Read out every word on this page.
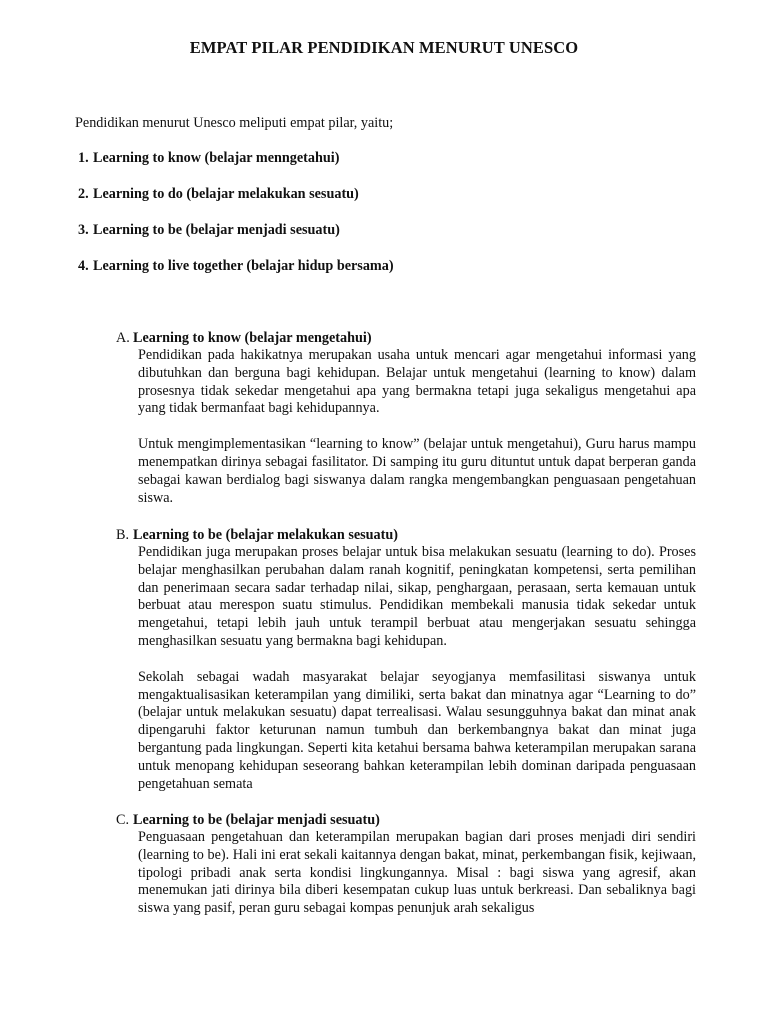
EMPAT PILAR PENDIDIKAN MENURUT UNESCO
Pendidikan menurut Unesco meliputi empat pilar, yaitu;
1. Learning to know (belajar menngetahui)
2. Learning to do (belajar melakukan sesuatu)
3. Learning to be (belajar menjadi sesuatu)
4. Learning to live together (belajar hidup bersama)
A. Learning to know (belajar mengetahui)

Pendidikan pada hakikatnya merupakan usaha untuk mencari agar mengetahui informasi yang dibutuhkan dan berguna bagi kehidupan. Belajar untuk mengetahui (learning to know) dalam prosesnya tidak sekedar mengetahui apa yang bermakna tetapi juga sekaligus mengetahui apa yang tidak bermanfaat bagi kehidupannya.

Untuk mengimplementasikan “learning to know” (belajar untuk mengetahui), Guru harus mampu menempatkan dirinya sebagai fasilitator. Di samping itu guru dituntut untuk dapat berperan ganda sebagai kawan berdialog bagi siswanya dalam rangka mengembangkan penguasaan pengetahuan siswa.

B. Learning to be (belajar melakukan sesuatu)

Pendidikan juga merupakan proses belajar untuk bisa melakukan sesuatu (learning to do). Proses belajar menghasilkan perubahan dalam ranah kognitif, peningkatan kompetensi, serta pemilihan dan penerimaan secara sadar terhadap nilai, sikap, penghargaan, perasaan, serta kemauan untuk berbuat atau merespon suatu stimulus. Pendidikan membekali manusia tidak sekedar untuk mengetahui, tetapi lebih jauh untuk terampil berbuat atau mengerjakan sesuatu sehingga menghasilkan sesuatu yang bermakna bagi kehidupan.

Sekolah sebagai wadah masyarakat belajar seyogjanya memfasilitasi siswanya untuk mengaktualisasikan keterampilan yang dimiliki, serta bakat dan minatnya agar “Learning to do” (belajar untuk melakukan sesuatu) dapat terrealisasi. Walau sesungguhnya bakat dan minat anak dipengaruhi faktor keturunan namun tumbuh dan berkembangnya bakat dan minat juga bergantung pada lingkungan. Seperti kita ketahui bersama bahwa keterampilan merupakan sarana untuk menopang kehidupan seseorang bahkan keterampilan lebih dominan daripada penguasaan pengetahuan semata

C. Learning to be (belajar menjadi sesuatu)

Penguasaan pengetahuan dan keterampilan merupakan bagian dari proses menjadi diri sendiri (learning to be). Hali ini erat sekali kaitannya dengan bakat, minat, perkembangan fisik, kejiwaan, tipologi pribadi anak serta kondisi lingkungannya. Misal : bagi siswa yang agresif, akan menemukan jati dirinya bila diberi kesempatan cukup luas untuk berkreasi. Dan sebaliknya bagi siswa yang pasif, peran guru sebagai kompas penunjuk arah sekaligus
